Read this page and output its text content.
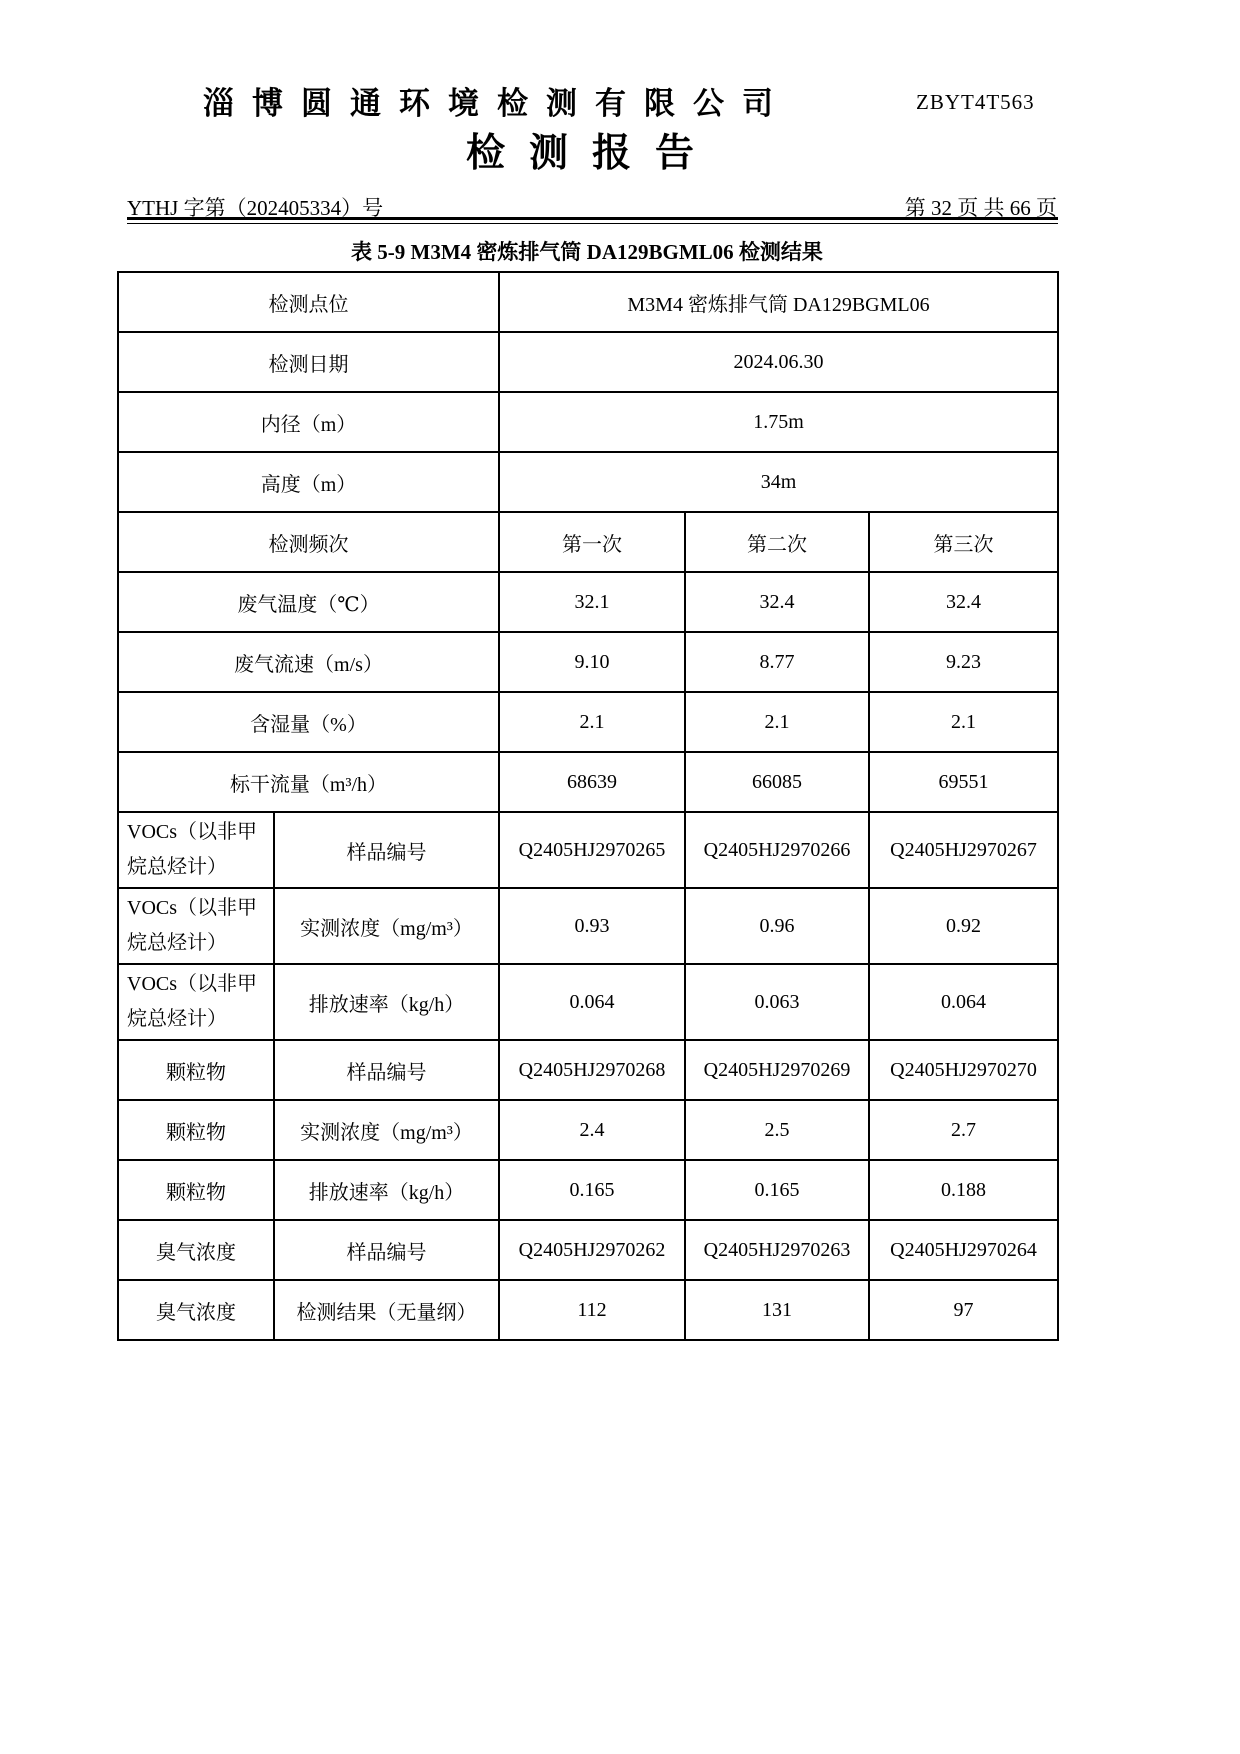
淄博圆通环境检测有限公司	ZBYT4T563
检测报告
YTHJ 字第（202405334）号	第 32 页 共 66 页
表 5-9 M3M4 密炼排气筒 DA129BGML06 检测结果
检测点位		M3M4 密炼排气筒 DA129BGML06		
检测日期		2024.06.30		
内径（m）		1.75m		
高度（m）		34m		
检测频次		第一次	第二次	第三次
废气温度（℃）		32.1	32.4	32.4
废气流速（m/s）		9.10	8.77	9.23
含湿量（%）		2.1	2.1	2.1
标干流量（m³/h）		68639	66085	69551
VOCs（以非甲烷总烃计）	样品编号	Q2405HJ2970265	Q2405HJ2970266	Q2405HJ2970267
VOCs（以非甲烷总烃计）	实测浓度（mg/m³）	0.93	0.96	0.92
VOCs（以非甲烷总烃计）	排放速率（kg/h）	0.064	0.063	0.064
颗粒物	样品编号	Q2405HJ2970268	Q2405HJ2970269	Q2405HJ2970270
颗粒物	实测浓度（mg/m³）	2.4	2.5	2.7
颗粒物	排放速率（kg/h）	0.165	0.165	0.188
臭气浓度	样品编号	Q2405HJ2970262	Q2405HJ2970263	Q2405HJ2970264
臭气浓度	检测结果（无量纲）	112	131	97
